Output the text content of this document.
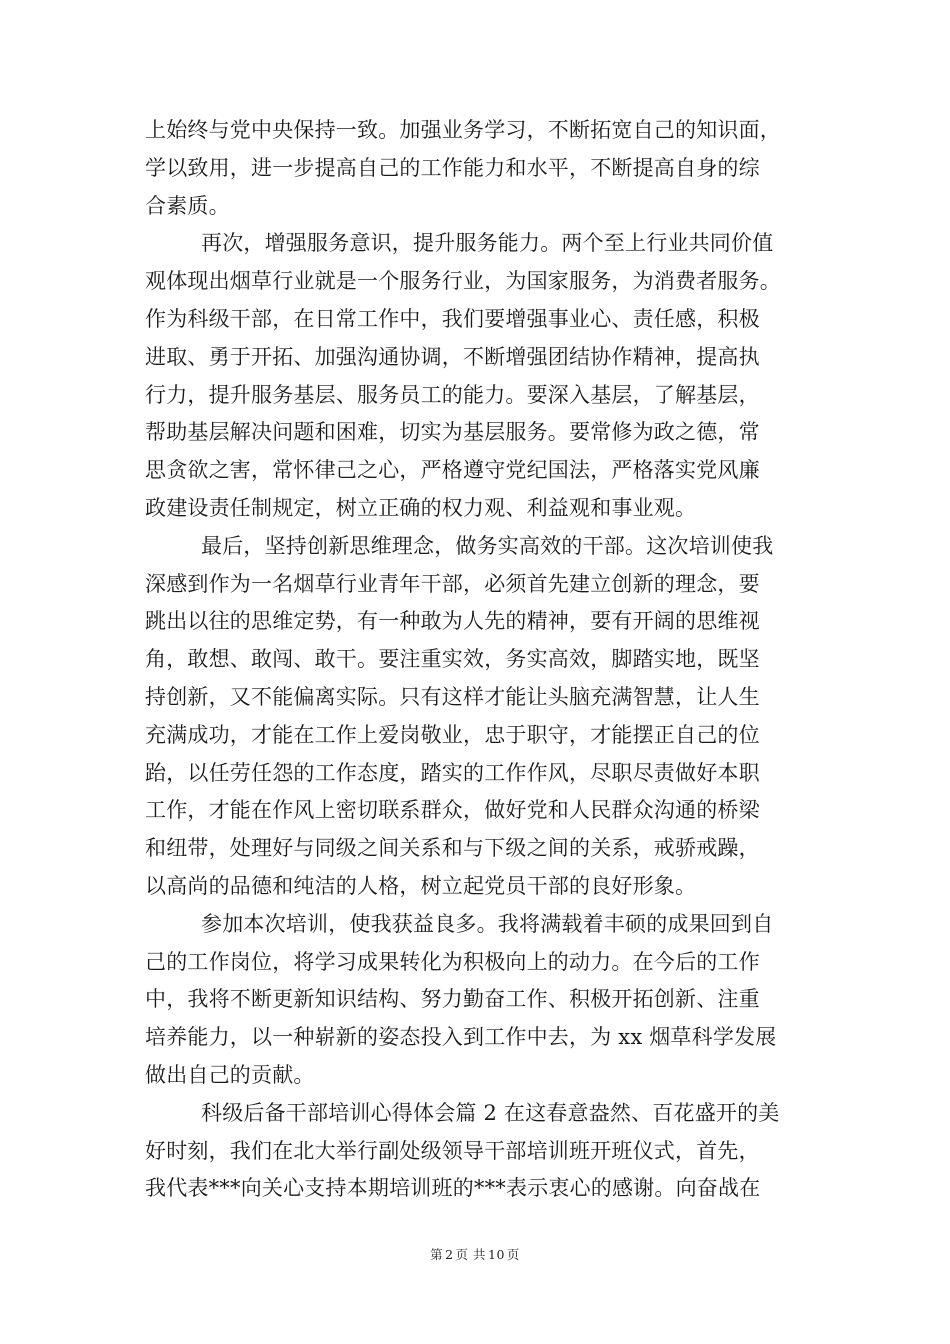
上始终与党中央保持一致。加强业务学习，不断拓宽自己的知识面，
学以致用，进一步提高自己的工作能力和水平，不断提高自身的综
合素质。
再次，增强服务意识，提升服务能力。两个至上行业共同价值
观体现出烟草行业就是一个服务行业，为国家服务，为消费者服务。
作为科级干部，在日常工作中，我们要增强事业心、责任感，积极
进取、勇于开拓、加强沟通协调，不断增强团结协作精神，提高执
行力，提升服务基层、服务员工的能力。要深入基层，了解基层，
帮助基层解决问题和困难，切实为基层服务。要常修为政之德，常
思贪欲之害，常怀律己之心，严格遵守党纪国法，严格落实党风廉
政建设责任制规定，树立正确的权力观、利益观和事业观。
最后，坚持创新思维理念，做务实高效的干部。这次培训使我
深感到作为一名烟草行业青年干部，必须首先建立创新的理念，要
跳出以往的思维定势，有一种敢为人先的精神，要有开阔的思维视
角，敢想、敢闯、敢干。要注重实效，务实高效，脚踏实地，既坚
持创新，又不能偏离实际。只有这样才能让头脑充满智慧，让人生
充满成功，才能在工作上爱岗敬业，忠于职守，才能摆正自己的位
跆，以任劳任怨的工作态度，踏实的工作作风，尽职尽责做好本职
工作，才能在作风上密切联系群众，做好党和人民群众沟通的桥梁
和纽带，处理好与同级之间关系和与下级之间的关系，戒骄戒躁，
以高尚的品德和纯洁的人格，树立起党员干部的良好形象。
参加本次培训，使我获益良多。我将满载着丰硕的成果回到自
己的工作岗位，将学习成果转化为积极向上的动力。在今后的工作
中，我将不断更新知识结构、努力勤奋工作、积极开拓创新、注重
培养能力，以一种崭新的姿态投入到工作中去，为 xx 烟草科学发展
做出自己的贡献。
科级后备干部培训心得体会篇 2 在这春意盎然、百花盛开的美
好时刻，我们在北大举行副处级领导干部培训班开班仪式，首先，
我代表***向关心支持本期培训班的***表示衷心的感谢。向奋战在
第 2 页 共 10 页
